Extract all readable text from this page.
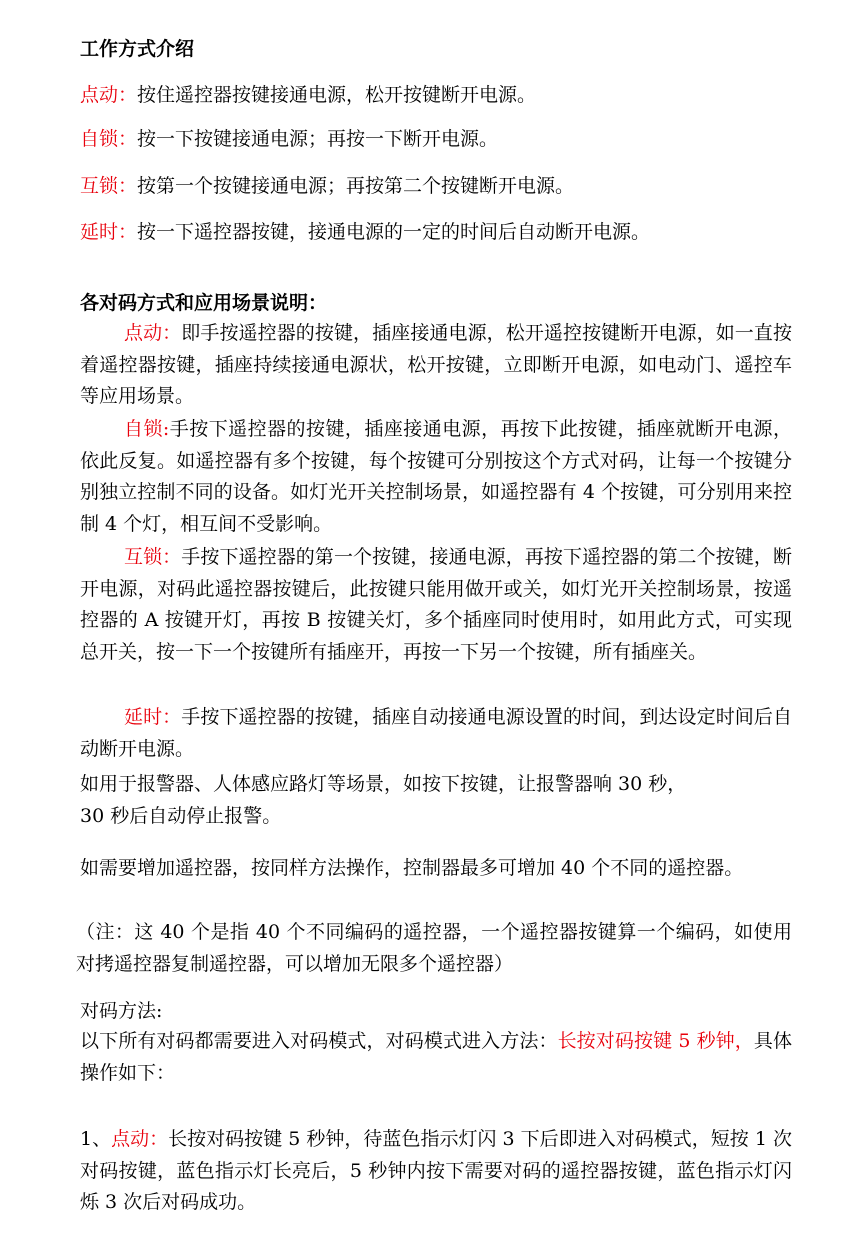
工作方式介绍
点动：按住遥控器按键接通电源，松开按键断开电源。
自锁：按一下按键接通电源；再按一下断开电源。
互锁：按第一个按键接通电源；再按第二个按键断开电源。
延时：按一下遥控器按键，接通电源的一定的时间后自动断开电源。
各对码方式和应用场景说明：
点动：即手按遥控器的按键，插座接通电源，松开遥控按键断开电源，如一直按着遥控器按键，插座持续接通电源状，松开按键，立即断开电源，如电动门、遥控车等应用场景。
自锁:手按下遥控器的按键，插座接通电源，再按下此按键，插座就断开电源，依此反复。如遥控器有多个按键，每个按键可分别按这个方式对码，让每一个按键分别独立控制不同的设备。如灯光开关控制场景，如遥控器有 4 个按键，可分别用来控制 4 个灯，相互间不受影响。
互锁：手按下遥控器的第一个按键，接通电源，再按下遥控器的第二个按键，断开电源，对码此遥控器按键后，此按键只能用做开或关，如灯光开关控制场景，按遥控器的 A 按键开灯，再按 B 按键关灯，多个插座同时使用时，如用此方式，可实现总开关，按一下一个按键所有插座开，再按一下另一个按键，所有插座关。
延时：手按下遥控器的按键，插座自动接通电源设置的时间，到达设定时间后自动断开电源。
如用于报警器、人体感应路灯等场景，如按下按键，让报警器响 30 秒，
30 秒后自动停止报警。
如需要增加遥控器，按同样方法操作，控制器最多可增加 40 个不同的遥控器。
（注：这 40 个是指 40 个不同编码的遥控器，一个遥控器按键算一个编码，如使用对拷遥控器复制遥控器，可以增加无限多个遥控器）
对码方法:
以下所有对码都需要进入对码模式，对码模式进入方法：长按对码按键 5 秒钟，具体操作如下：
1、点动：长按对码按键 5 秒钟，待蓝色指示灯闪 3 下后即进入对码模式，短按 1 次对码按键，蓝色指示灯长亮后，5 秒钟内按下需要对码的遥控器按键，蓝色指示灯闪烁 3 次后对码成功。
